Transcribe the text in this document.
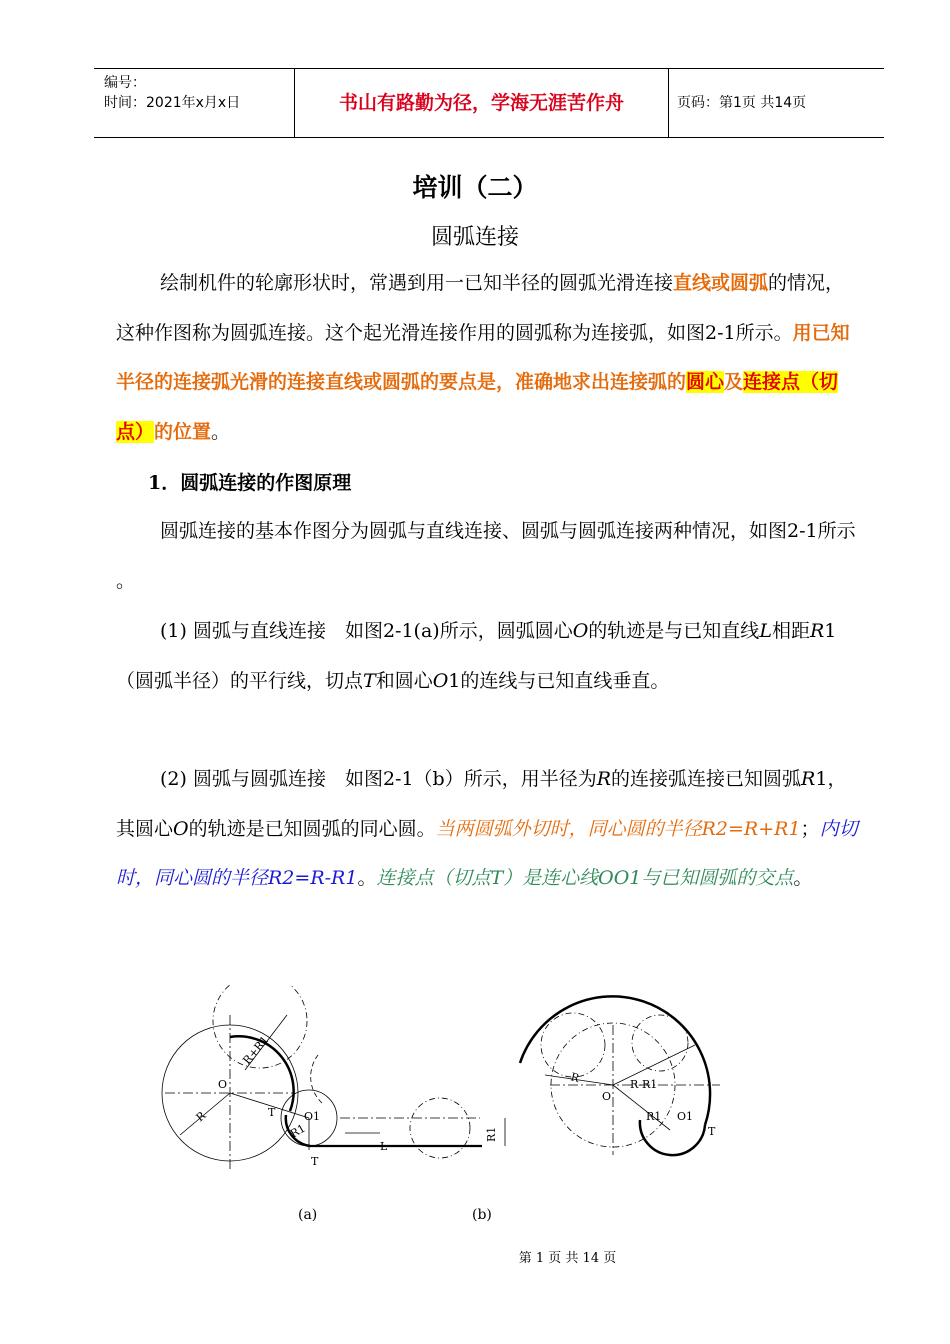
编号：
时间：2021年x月x日	书山有路勤为径，学海无涯苦作舟	页码：第1页 共14页
培训（二）
圆弧连接

绘制机件的轮廓形状时，常遇到用一已知半径的圆弧光滑连接直线或圆弧的情况，这种作图称为圆弧连接。这个起光滑连接作用的圆弧称为连接弧，如图2-1所示。用已知半径的连接弧光滑的连接直线或圆弧的要点是，准确地求出连接弧的圆心及连接点（切点）的位置。

1．圆弧连接的作图原理

圆弧连接的基本作图分为圆弧与直线连接、圆弧与圆弧连接两种情况，如图2-1所示 。

(1) 圆弧与直线连接　如图2-1(a)所示，圆弧圆心O的轨迹是与已知直线L相距R1（圆弧半径）的平行线，切点T和圆心O1的连线与已知直线垂直。

(2) 圆弧与圆弧连接　如图2-1（b）所示，用半径为R的连接弧连接已知圆弧R1，其圆心O的轨迹是已知圆弧的同心圆。当两圆弧外切时，同心圆的半径R2=R+R1；内切时，同心圆的半径R2=R-R1。连接点（切点T）是连心线OO1与已知圆弧的交点。

O
R
R+R1
T	O1
R1
T
L
R1
R
O
R-R1
R1 O1
T
(a)	(b)
第 1 页 共 14 页
